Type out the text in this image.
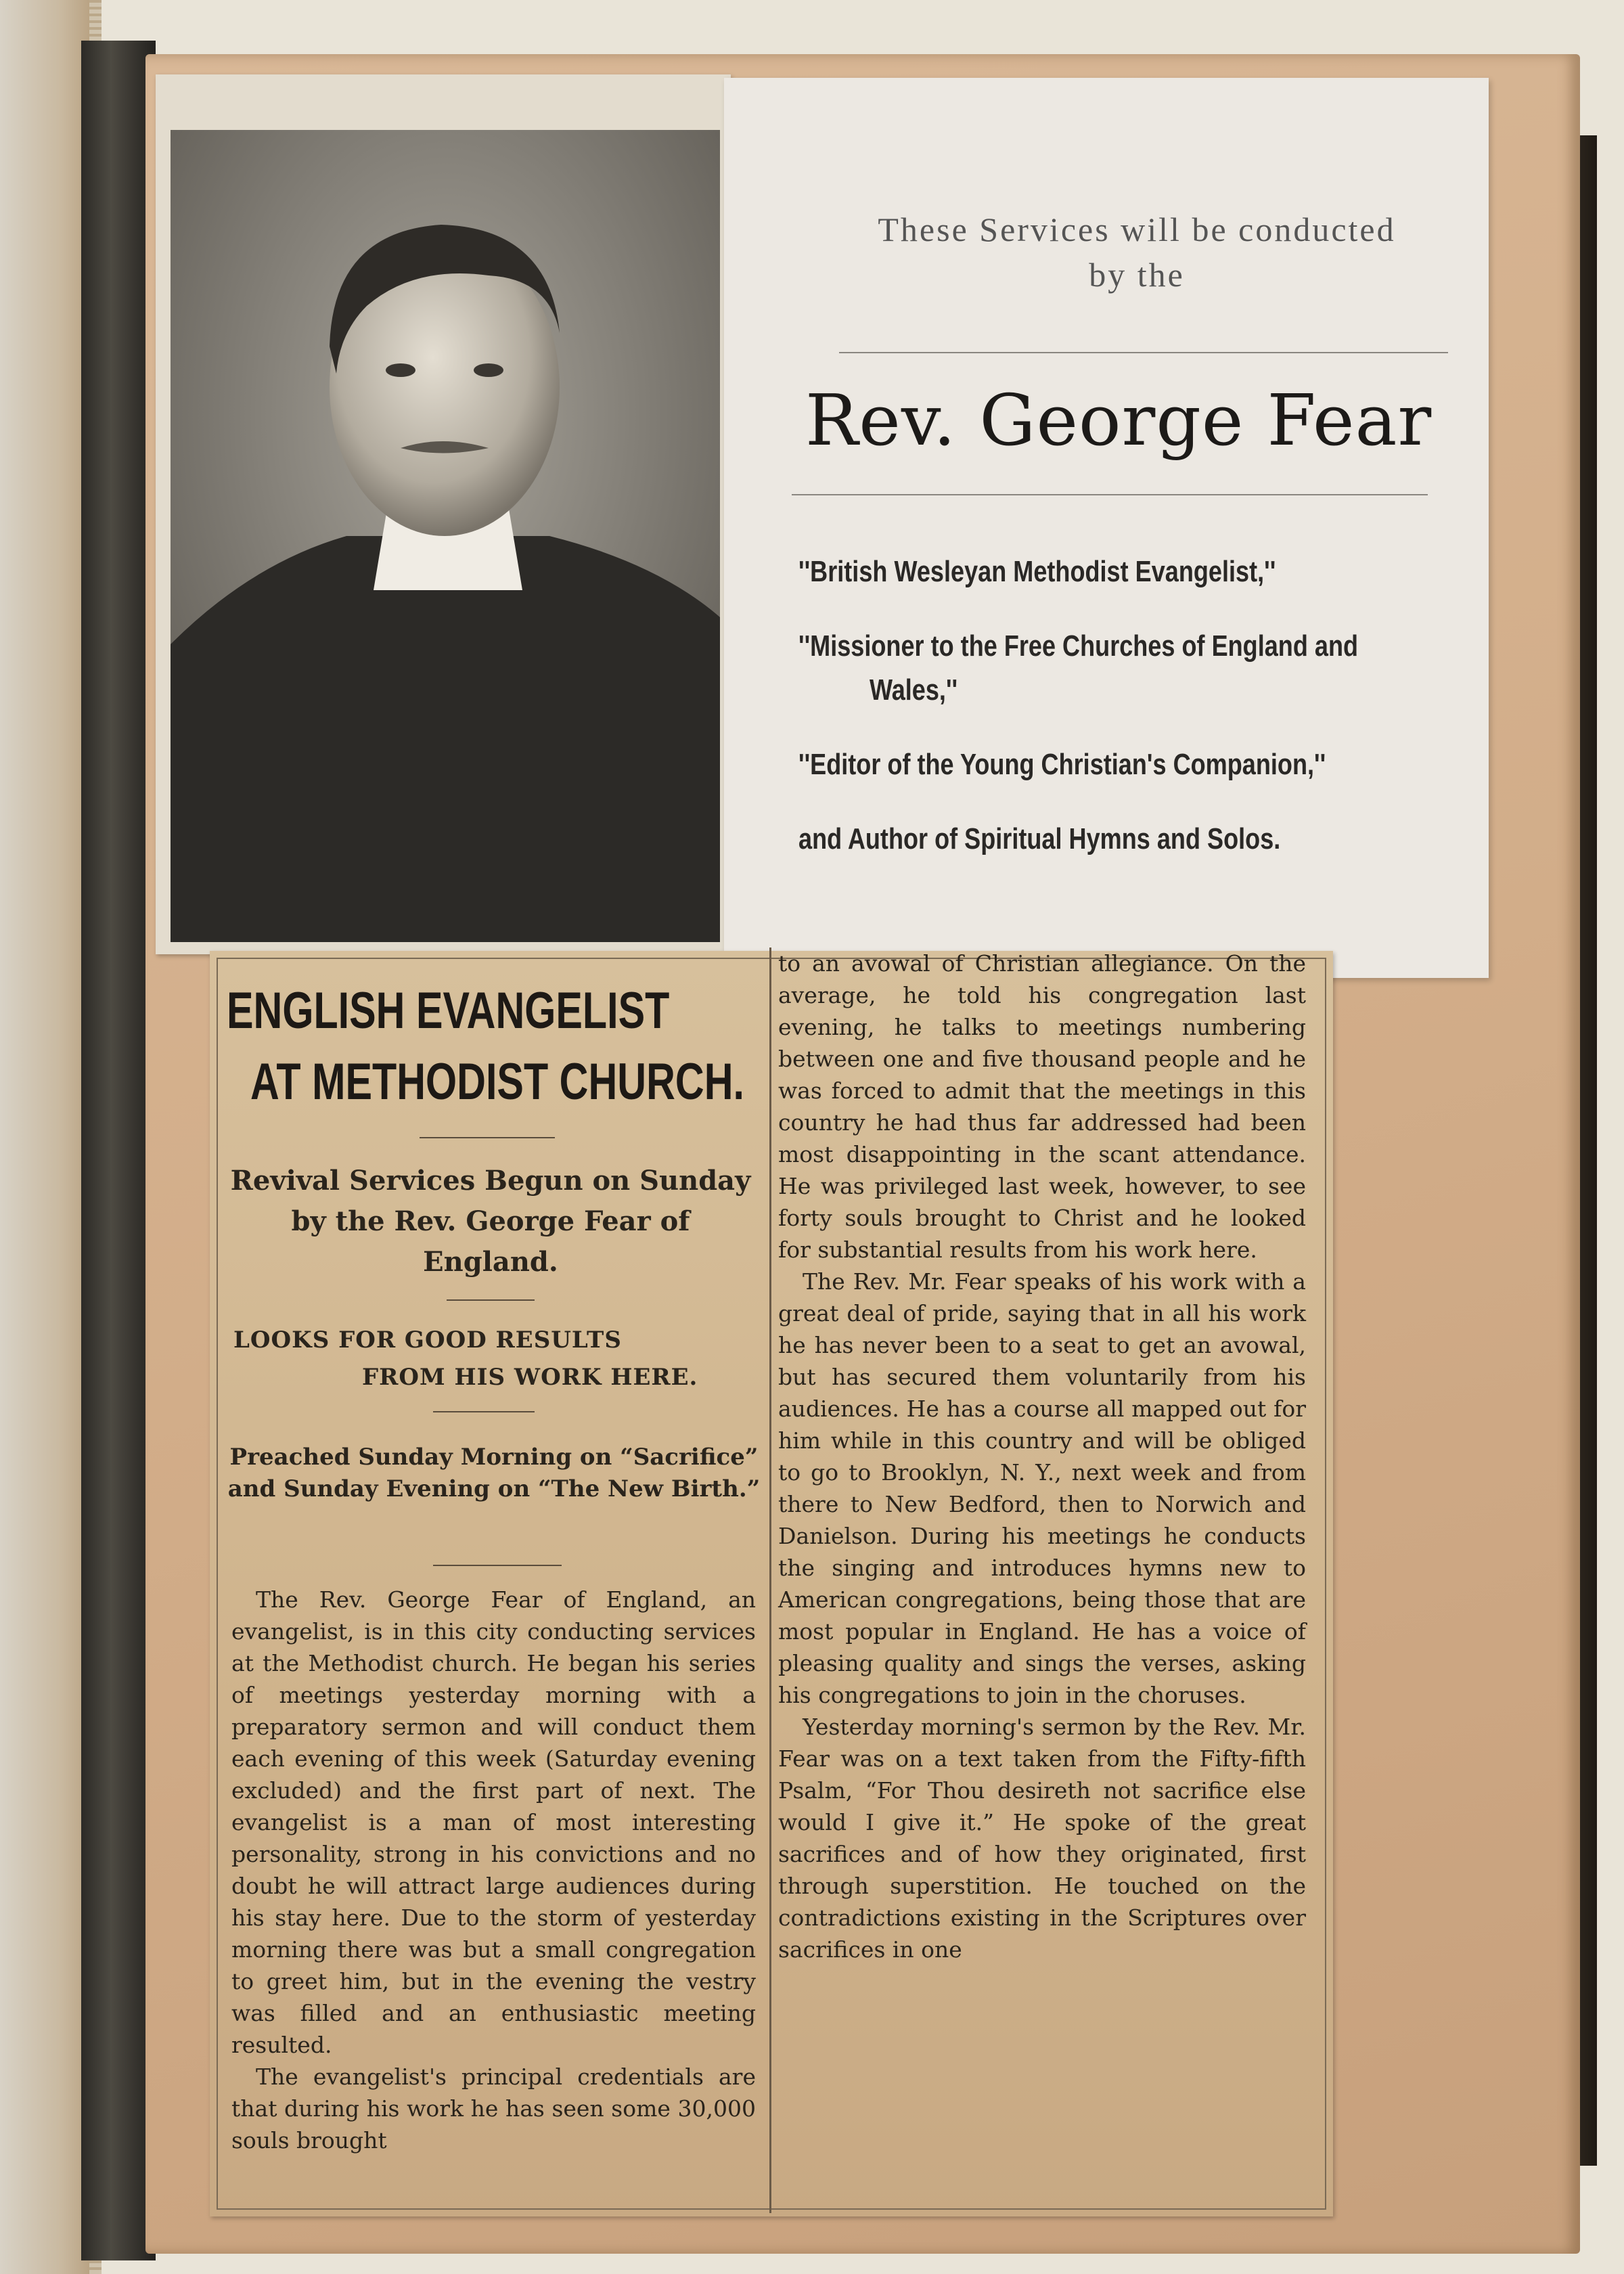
These Services will be conducted
by the
Rev. George Fear
''British Wesleyan Methodist Evangelist,''
''Missioner to the Free Churches of England and
Wales,''
''Editor of the Young Christian's Companion,''
and Author of Spiritual Hymns and Solos.
ENGLISH EVANGELIST
AT METHODIST CHURCH.
Revival Services Begun on Sunday by the Rev. George Fear of England.
LOOKS FOR GOOD RESULTS
FROM HIS WORK HERE.
Preached Sunday Morning on “Sacrifice” and Sunday Evening on “The New Birth.”

The Rev. George Fear of England, an evangelist, is in this city conducting services at the Methodist church. He began his series of meetings yesterday morning with a preparatory sermon and will conduct them each evening of this week (Saturday evening excluded) and the first part of next. The evangelist is a man of most interesting personality, strong in his convictions and no doubt he will attract large audiences during his stay here. Due to the storm of yesterday morning there was but a small congregation to greet him, but in the evening the vestry was filled and an enthusiastic meeting resulted.

The evangelist's principal credentials are that during his work he has seen some 30,000 souls brought

to an avowal of Christian allegiance. On the average, he told his congregation last evening, he talks to meetings numbering between one and five thousand people and he was forced to admit that the meetings in this country he had thus far addressed had been most disappointing in the scant attendance. He was privileged last week, however, to see forty souls brought to Christ and he looked for substantial results from his work here.

The Rev. Mr. Fear speaks of his work with a great deal of pride, saying that in all his work he has never been to a seat to get an avowal, but has secured them voluntarily from his audiences. He has a course all mapped out for him while in this country and will be obliged to go to Brooklyn, N. Y., next week and from there to New Bedford, then to Norwich and Danielson. During his meetings he conducts the singing and introduces hymns new to American congregations, being those that are most popular in England. He has a voice of pleasing quality and sings the verses, asking his congregations to join in the choruses.

Yesterday morning's sermon by the Rev. Mr. Fear was on a text taken from the Fifty-fifth Psalm, “For Thou desireth not sacrifice else would I give it.” He spoke of the great sacrifices and of how they originated, first through superstition. He touched on the contradictions existing in the Scriptures over sacrifices in one
